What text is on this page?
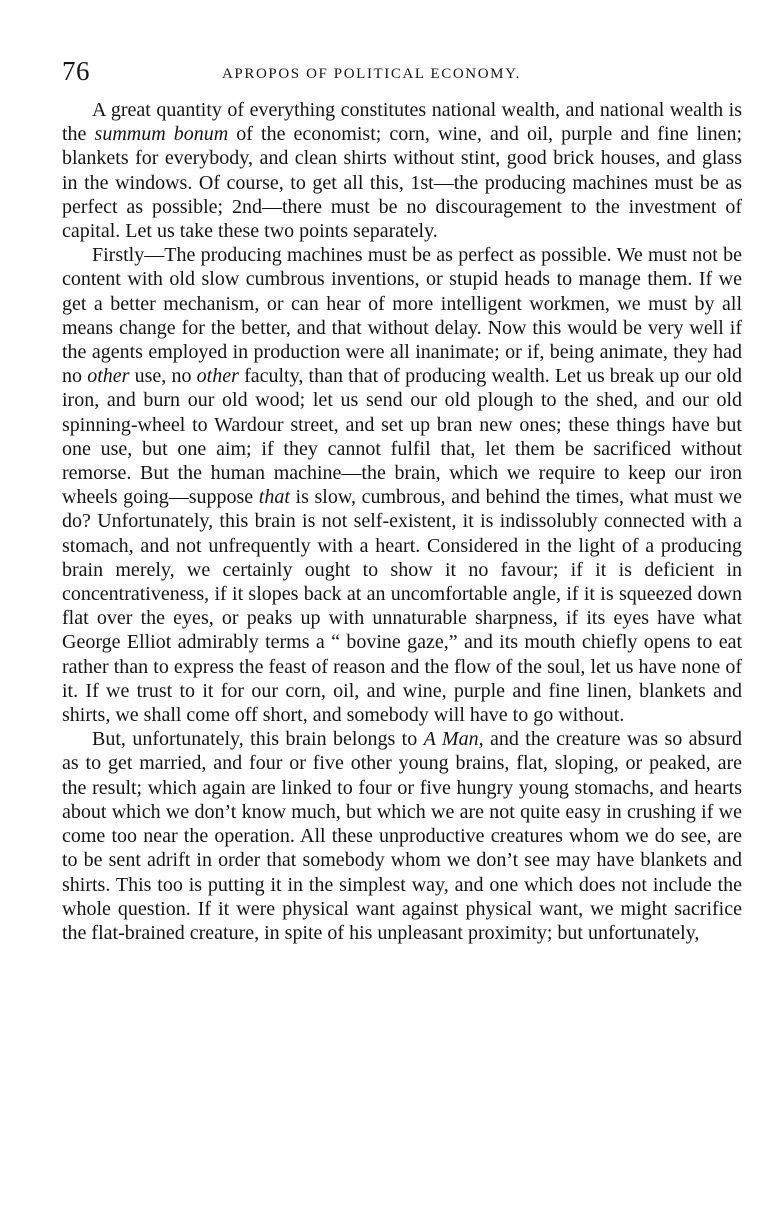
76	APROPOS OF POLITICAL ECONOMY.

A great quantity of everything constitutes national wealth, and national wealth is the summum bonum of the economist; corn, wine, and oil, purple and fine linen; blankets for everybody, and clean shirts without stint, good brick houses, and glass in the windows. Of course, to get all this, 1st—the producing machines must be as perfect as possible; 2nd—there must be no discouragement to the investment of capital. Let us take these two points separately.

Firstly—The producing machines must be as perfect as possible. We must not be content with old slow cumbrous inventions, or stupid heads to manage them. If we get a better mechanism, or can hear of more intelligent workmen, we must by all means change for the better, and that without delay. Now this would be very well if the agents employed in production were all inanimate; or if, being animate, they had no other use, no other faculty, than that of producing wealth. Let us break up our old iron, and burn our old wood; let us send our old plough to the shed, and our old spinning-wheel to Wardour street, and set up bran new ones; these things have but one use, but one aim; if they cannot fulfil that, let them be sacrificed without remorse. But the human machine—the brain, which we require to keep our iron wheels going—suppose that is slow, cumbrous, and behind the times, what must we do? Unfortunately, this brain is not self-existent, it is indissolubly connected with a stomach, and not unfrequently with a heart. Considered in the light of a producing brain merely, we certainly ought to show it no favour; if it is deficient in concentrativeness, if it slopes back at an uncomfortable angle, if it is squeezed down flat over the eyes, or peaks up with unnaturable sharpness, if its eyes have what George Elliot admirably terms a “ bovine gaze,” and its mouth chiefly opens to eat rather than to express the feast of reason and the flow of the soul, let us have none of it. If we trust to it for our corn, oil, and wine, purple and fine linen, blankets and shirts, we shall come off short, and somebody will have to go without.

But, unfortunately, this brain belongs to A Man, and the creature was so absurd as to get married, and four or five other young brains, flat, sloping, or peaked, are the result; which again are linked to four or five hungry young stomachs, and hearts about which we don’t know much, but which we are not quite easy in crushing if we come too near the operation. All these unproductive creatures whom we do see, are to be sent adrift in order that somebody whom we don’t see may have blankets and shirts. This too is putting it in the simplest way, and one which does not include the whole question. If it were physical want against physical want, we might sacrifice the flat-brained creature, in spite of his unpleasant proximity; but unfortunately,
